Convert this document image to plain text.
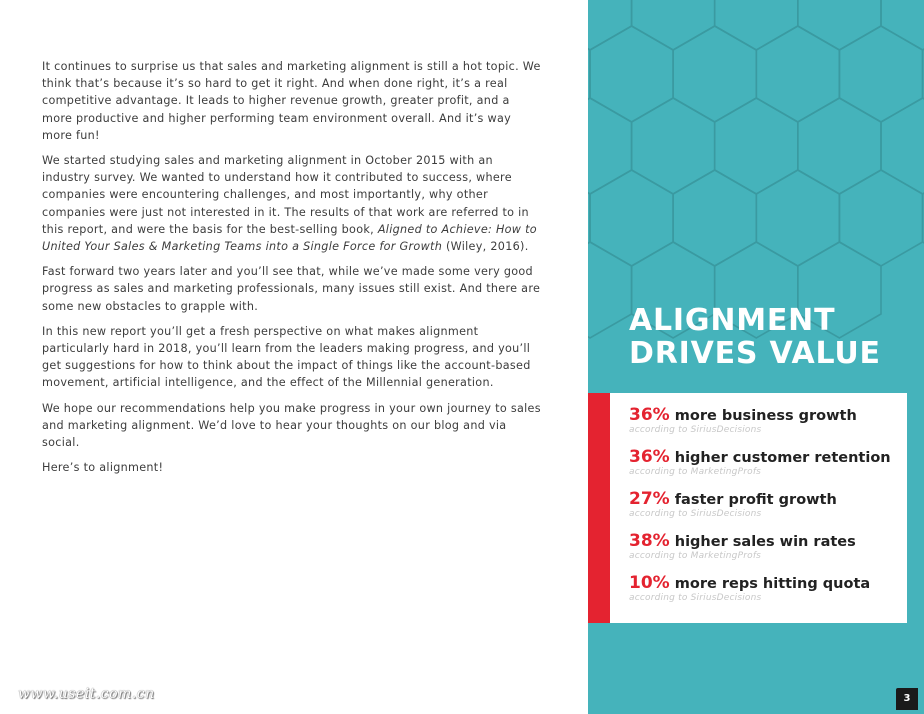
It continues to surprise us that sales and marketing alignment is still a hot topic. We think that’s because it’s so hard to get it right. And when done right, it’s a real competitive advantage. It leads to higher revenue growth, greater profit, and a more productive and higher performing team environment overall. And it’s way more fun!

We started studying sales and marketing alignment in October 2015 with an industry survey. We wanted to understand how it contributed to success, where companies were encountering challenges, and most importantly, why other companies were just not interested in it. The results of that work are referred to in this report, and were the basis for the best-selling book, Aligned to Achieve: How to United Your Sales & Marketing Teams into a Single Force for Growth (Wiley, 2016).

Fast forward two years later and you’ll see that, while we’ve made some very good progress as sales and marketing professionals, many issues still exist. And there are some new obstacles to grapple with.

In this new report you’ll get a fresh perspective on what makes alignment particularly hard in 2018, you’ll learn from the leaders making progress, and you’ll get suggestions for how to think about the impact of things like the account-based movement, artificial intelligence, and the effect of the Millennial generation.

We hope our recommendations help you make progress in your own journey to sales and marketing alignment. We’d love to hear your thoughts on our blog and via social.

Here’s to alignment!

www.useit.com.cn
ALIGNMENT
DRIVES VALUE
36% more business growth
according to SiriusDecisions
36% higher customer retention
according to MarketingProfs
27% faster profit growth
according to SiriusDecisions
38% higher sales win rates
according to MarketingProfs
10% more reps hitting quota
according to SiriusDecisions
3
